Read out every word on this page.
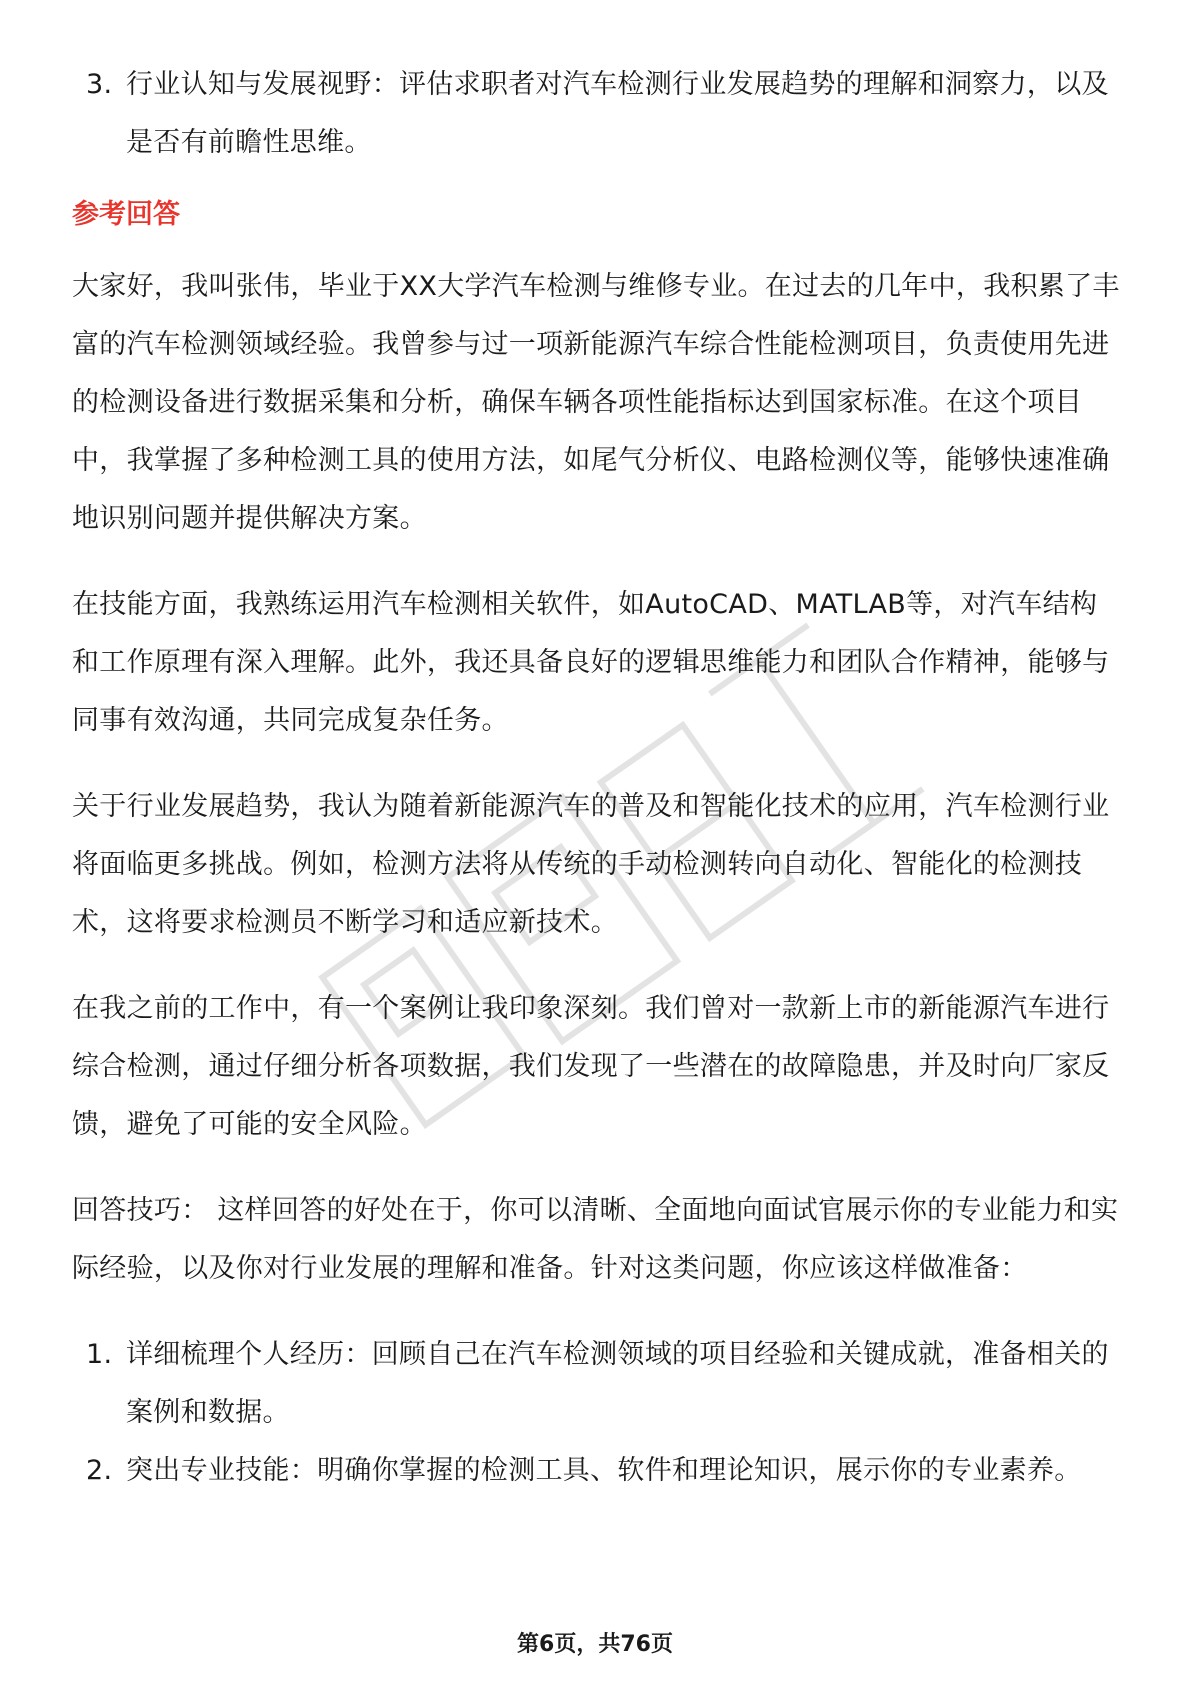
3. 行业认知与发展视野：评估求职者对汽车检测行业发展趋势的理解和洞察力，以及是否有前瞻性思维。
参考回答

大家好，我叫张伟，毕业于XX大学汽车检测与维修专业。在过去的几年中，我积累了丰富的汽车检测领域经验。我曾参与过一项新能源汽车综合性能检测项目，负责使用先进的检测设备进行数据采集和分析，确保车辆各项性能指标达到国家标准。在这个项目中，我掌握了多种检测工具的使用方法，如尾气分析仪、电路检测仪等，能够快速准确地识别问题并提供解决方案。

在技能方面，我熟练运用汽车检测相关软件，如AutoCAD、MATLAB等，对汽车结构和工作原理有深入理解。此外，我还具备良好的逻辑思维能力和团队合作精神，能够与同事有效沟通，共同完成复杂任务。

关于行业发展趋势，我认为随着新能源汽车的普及和智能化技术的应用，汽车检测行业将面临更多挑战。例如，检测方法将从传统的手动检测转向自动化、智能化的检测技术，这将要求检测员不断学习和适应新技术。

在我之前的工作中，有一个案例让我印象深刻。我们曾对一款新上市的新能源汽车进行综合检测，通过仔细分析各项数据，我们发现了一些潜在的故障隐患，并及时向厂家反馈，避免了可能的安全风险。

回答技巧： 这样回答的好处在于，你可以清晰、全面地向面试官展示你的专业能力和实际经验，以及你对行业发展的理解和准备。针对这类问题，你应该这样做准备：

1. 详细梳理个人经历：回顾自己在汽车检测领域的项目经验和关键成就，准备相关的案例和数据。
2. 突出专业技能：明确你掌握的检测工具、软件和理论知识，展示你的专业素养。
第6页，共76页
